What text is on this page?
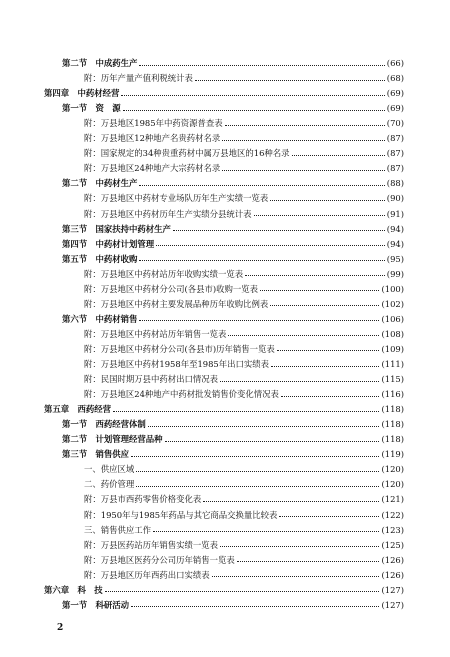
第二节　中成药生产	(66)
附：历年产量产值利税统计表	(68)
第四章　中药材经营	(69)
第一节　资　源	(69)
附：万县地区1985年中药资源普查表	(70)
附：万县地区12种地产名贵药材名录	(87)
附：国家规定的34种贵重药材中属万县地区的16种名录	(87)
附：万县地区24种地产大宗药材名录	(87)
第二节　中药材生产	(88)
附：万县地区中药材专业场队历年生产实绩一览表	(90)
附：万县地区中药材历年生产实绩分县统计表	(91)
第三节　国家扶持中药材生产	(94)
第四节　中药材计划管理	(94)
第五节　中药材收购	(95)
附：万县地区中药材站历年收购实绩一览表	(99)
附：万县地区中药材分公司(各县市)收购一览表	(100)
附：万县地区中药材主要发展品种历年收购比例表	(102)
第六节　中药材销售	(106)
附：万县地区中药材站历年销售一览表	(108)
附：万县地区中药材分公司(各县市)历年销售一览表	(109)
附：万县地区中药材1958年至1985年出口实绩表	(111)
附：民国时期万县中药材出口情况表	(115)
附：万县地区24种地产中药材批发销售价变化情况表	(116)
第五章　西药经营	(118)
第一节　西药经营体制	(118)
第二节　计划管理经营品种	(118)
第三节　销售供应	(119)
一、供应区域	(120)
二、药价管理	(120)
附：万县市西药零售价格变化表	(121)
附：1950年与1985年药品与其它商品交换量比较表	(122)
三、销售供应工作	(123)
附：万县医药站历年销售实绩一览表	(125)
附：万县地区医药分公司历年销售一览表	(126)
附：万县地区历年西药出口实绩表	(126)
第六章　科　技	(127)
第一节　科研活动	(127)
2
